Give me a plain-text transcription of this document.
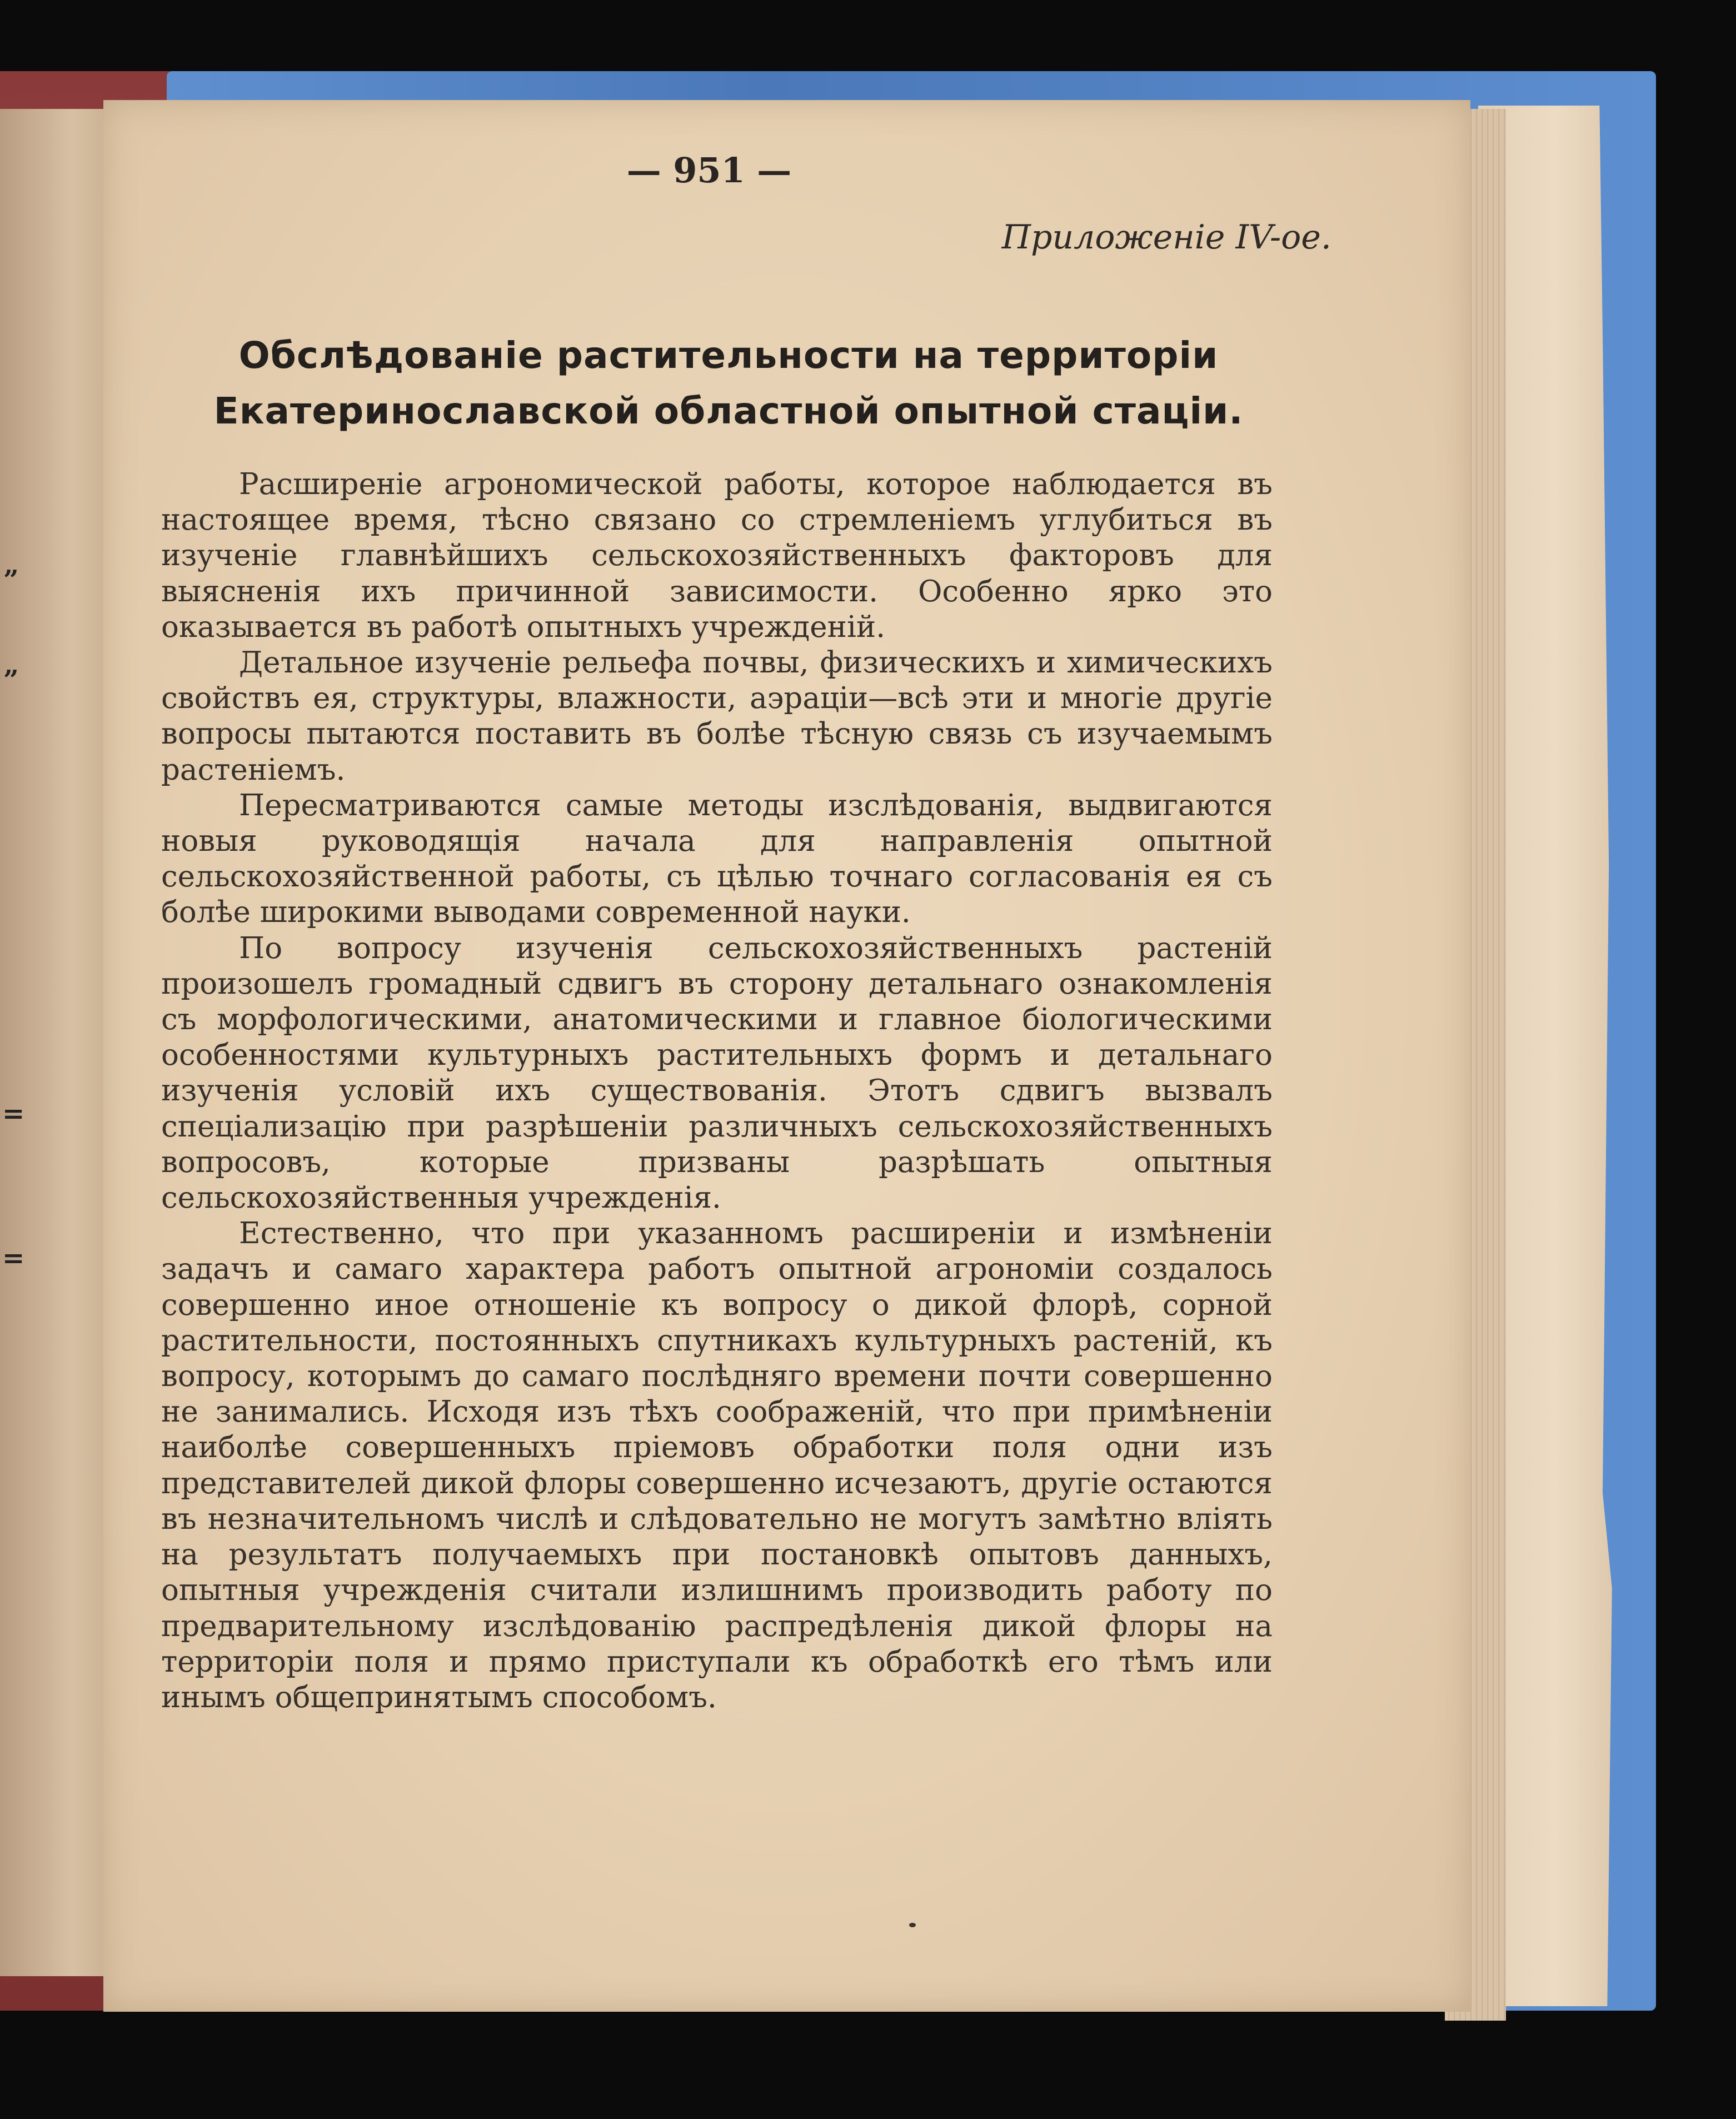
”
”
=
=
— 951 —
Приложеніе IV-ое.
Обслѣдованіе растительности на территоріи Екатеринославской областной опытной стаціи.

Расширеніе агрономической работы, которое наблюдается въ настоящее время, тѣсно связано со стремленіемъ углубиться въ изученіе главнѣйшихъ сельскохозяйственныхъ факторовъ для выясненія ихъ причинной зависимости. Особенно ярко это оказывается въ работѣ опытныхъ учрежденій.

Детальное изученіе рельефа почвы, физическихъ и химическихъ свойствъ ея, структуры, влажности, аэраціи—всѣ эти и многіе другіе вопросы пытаются поставить въ болѣе тѣсную связь съ изучаемымъ растеніемъ.

Пересматриваются самые методы изслѣдованія, выдвигаются новыя руководящія начала для направленія опытной сельскохозяйственной работы, съ цѣлью точнаго согласованія ея съ болѣе широкими выводами современной науки.

По вопросу изученія сельскохозяйственныхъ растеній произошелъ громадный сдвигъ въ сторону детальнаго ознакомленія съ морфологическими, анатомическими и главное біологическими особенностями культурныхъ растительныхъ формъ и детальнаго изученія условій ихъ существованія. Этотъ сдвигъ вызвалъ спеціализацію при разрѣшеніи различныхъ сельскохозяйственныхъ вопросовъ, которые призваны разрѣшать опытныя сельскохозяйственныя учрежденія.

Естественно, что при указанномъ расширеніи и измѣненіи задачъ и самаго характера работъ опытной агрономіи создалось совершенно иное отношеніе къ вопросу о дикой флорѣ, сорной растительности, постоянныхъ спутникахъ культурныхъ растеній, къ вопросу, которымъ до самаго послѣдняго времени почти совершенно не занимались. Исходя изъ тѣхъ соображеній, что при примѣненіи наиболѣе совершенныхъ пріемовъ обработки поля одни изъ представителей дикой флоры совершенно исчезаютъ, другіе остаются въ незначительномъ числѣ и слѣдовательно не могутъ замѣтно вліять на результатъ получаемыхъ при постановкѣ опытовъ данныхъ, опытныя учрежденія считали излишнимъ производить работу по предварительному изслѣдованію распредѣленія дикой флоры на территоріи поля и прямо приступали къ обработкѣ его тѣмъ или инымъ общепринятымъ способомъ.
